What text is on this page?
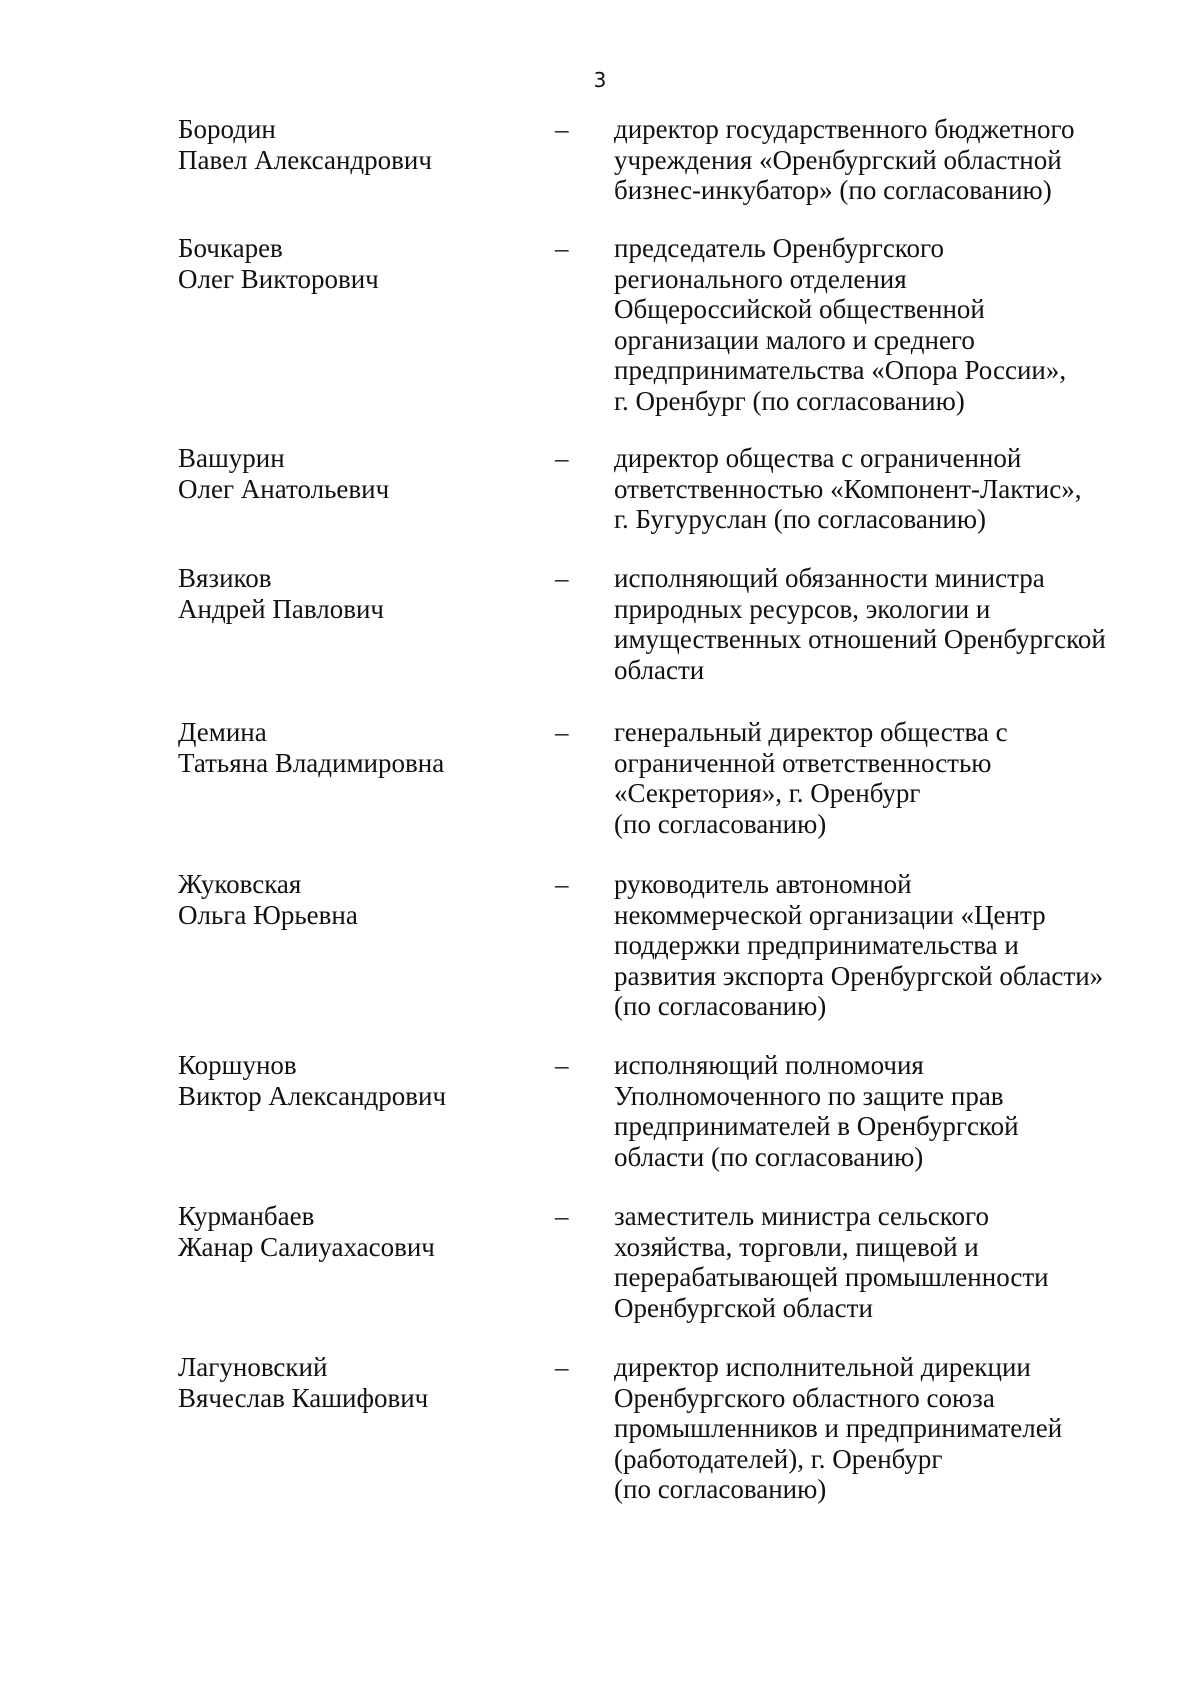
3
Бородин
Павел Александрович
–	директор государственного бюджетного
учреждения «Оренбургский областной
бизнес-инкубатор» (по согласованию)
Бочкарев
Олег Викторович
–	председатель Оренбургского
регионального отделения
Общероссийской общественной
организации малого и среднего
предпринимательства «Опора России»,
г. Оренбург (по согласованию)
Вашурин
Олег Анатольевич
–	директор общества с ограниченной
ответственностью «Компонент-Лактис»,
г. Бугуруслан (по согласованию)
Вязиков
Андрей Павлович
–	исполняющий обязанности министра
природных ресурсов, экологии и
имущественных отношений Оренбургской
области
Демина
Татьяна Владимировна
–	генеральный директор общества с
ограниченной ответственностью
«Секретория», г. Оренбург
(по согласованию)
Жуковская
Ольга Юрьевна
–	руководитель автономной
некоммерческой организации «Центр
поддержки предпринимательства и
развития экспорта Оренбургской области»
(по согласованию)
Коршунов
Виктор Александрович
–	исполняющий полномочия
Уполномоченного по защите прав
предпринимателей в Оренбургской
области (по согласованию)
Курманбаев
Жанар Салиуахасович
–	заместитель министра сельского
хозяйства, торговли, пищевой и
перерабатывающей промышленности
Оренбургской области
Лагуновский
Вячеслав Кашифович
–	директор исполнительной дирекции
Оренбургского областного союза
промышленников и предпринимателей
(работодателей), г. Оренбург
(по согласованию)
